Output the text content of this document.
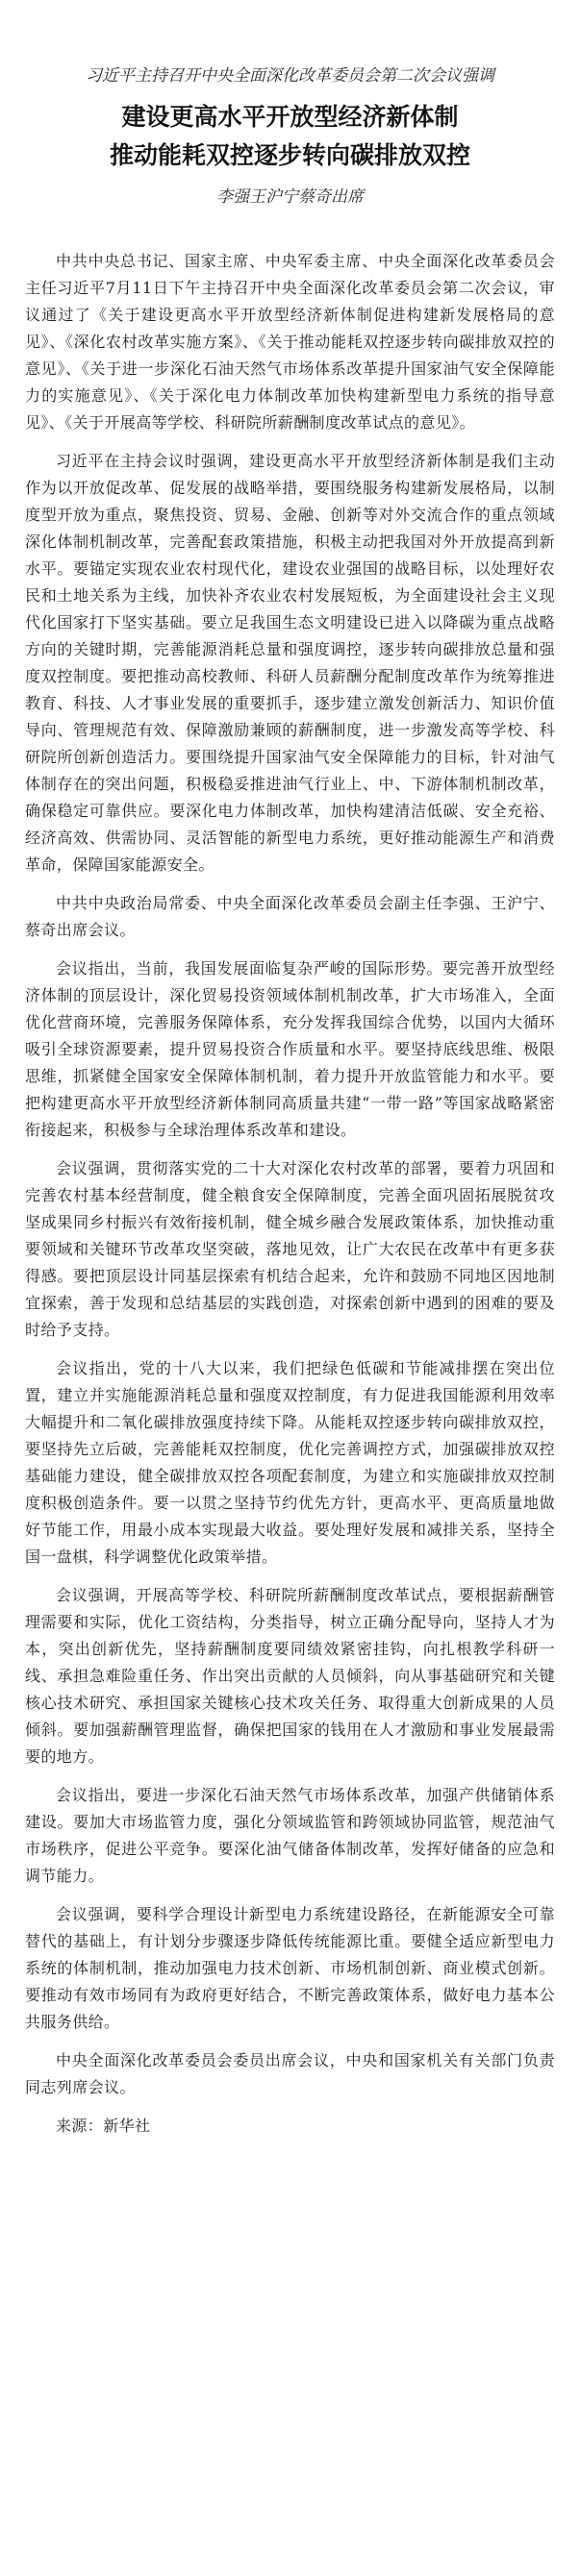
习近平主持召开中央全面深化改革委员会第二次会议强调
建设更高水平开放型经济新体制
推动能耗双控逐步转向碳排放双控
李强王沪宁蔡奇出席

中共中央总书记、国家主席、中央军委主席、中央全面深化改革委员会主任习近平7月11日下午主持召开中央全面深化改革委员会第二次会议，审议通过了《关于建设更高水平开放型经济新体制促进构建新发展格局的意见》、《深化农村改革实施方案》、《关于推动能耗双控逐步转向碳排放双控的意见》、《关于进一步深化石油天然气市场体系改革提升国家油气安全保障能力的实施意见》、《关于深化电力体制改革加快构建新型电力系统的指导意见》、《关于开展高等学校、科研院所薪酬制度改革试点的意见》。

习近平在主持会议时强调，建设更高水平开放型经济新体制是我们主动作为以开放促改革、促发展的战略举措，要围绕服务构建新发展格局，以制度型开放为重点，聚焦投资、贸易、金融、创新等对外交流合作的重点领域深化体制机制改革，完善配套政策措施，积极主动把我国对外开放提高到新水平。要锚定实现农业农村现代化，建设农业强国的战略目标，以处理好农民和土地关系为主线，加快补齐农业农村发展短板，为全面建设社会主义现代化国家打下坚实基础。要立足我国生态文明建设已进入以降碳为重点战略方向的关键时期，完善能源消耗总量和强度调控，逐步转向碳排放总量和强度双控制度。要把推动高校教师、科研人员薪酬分配制度改革作为统筹推进教育、科技、人才事业发展的重要抓手，逐步建立激发创新活力、知识价值导向、管理规范有效、保障激励兼顾的薪酬制度，进一步激发高等学校、科研院所创新创造活力。要围绕提升国家油气安全保障能力的目标，针对油气体制存在的突出问题，积极稳妥推进油气行业上、中、下游体制机制改革，确保稳定可靠供应。要深化电力体制改革，加快构建清洁低碳、安全充裕、经济高效、供需协同、灵活智能的新型电力系统，更好推动能源生产和消费革命，保障国家能源安全。

中共中央政治局常委、中央全面深化改革委员会副主任李强、王沪宁、蔡奇出席会议。

会议指出，当前，我国发展面临复杂严峻的国际形势。要完善开放型经济体制的顶层设计，深化贸易投资领域体制机制改革，扩大市场准入，全面优化营商环境，完善服务保障体系，充分发挥我国综合优势，以国内大循环吸引全球资源要素，提升贸易投资合作质量和水平。要坚持底线思维、极限思维，抓紧健全国家安全保障体制机制，着力提升开放监管能力和水平。要把构建更高水平开放型经济新体制同高质量共建“一带一路”等国家战略紧密衔接起来，积极参与全球治理体系改革和建设。

会议强调，贯彻落实党的二十大对深化农村改革的部署，要着力巩固和完善农村基本经营制度，健全粮食安全保障制度，完善全面巩固拓展脱贫攻坚成果同乡村振兴有效衔接机制，健全城乡融合发展政策体系，加快推动重要领域和关键环节改革攻坚突破，落地见效，让广大农民在改革中有更多获得感。要把顶层设计同基层探索有机结合起来，允许和鼓励不同地区因地制宜探索，善于发现和总结基层的实践创造，对探索创新中遇到的困难的要及时给予支持。

会议指出，党的十八大以来，我们把绿色低碳和节能减排摆在突出位置，建立并实施能源消耗总量和强度双控制度，有力促进我国能源利用效率大幅提升和二氧化碳排放强度持续下降。从能耗双控逐步转向碳排放双控，要坚持先立后破，完善能耗双控制度，优化完善调控方式，加强碳排放双控基础能力建设，健全碳排放双控各项配套制度，为建立和实施碳排放双控制度积极创造条件。要一以贯之坚持节约优先方针，更高水平、更高质量地做好节能工作，用最小成本实现最大收益。要处理好发展和减排关系，坚持全国一盘棋，科学调整优化政策举措。

会议强调，开展高等学校、科研院所薪酬制度改革试点，要根据薪酬管理需要和实际，优化工资结构，分类指导，树立正确分配导向，坚持人才为本，突出创新优先，坚持薪酬制度要同绩效紧密挂钩，向扎根教学科研一线、承担急难险重任务、作出突出贡献的人员倾斜，向从事基础研究和关键核心技术研究、承担国家关键核心技术攻关任务、取得重大创新成果的人员倾斜。要加强薪酬管理监督，确保把国家的钱用在人才激励和事业发展最需要的地方。

会议指出，要进一步深化石油天然气市场体系改革，加强产供储销体系建设。要加大市场监管力度，强化分领域监管和跨领域协同监管，规范油气市场秩序，促进公平竞争。要深化油气储备体制改革，发挥好储备的应急和调节能力。

会议强调，要科学合理设计新型电力系统建设路径，在新能源安全可靠替代的基础上，有计划分步骤逐步降低传统能源比重。要健全适应新型电力系统的体制机制，推动加强电力技术创新、市场机制创新、商业模式创新。要推动有效市场同有为政府更好结合，不断完善政策体系，做好电力基本公共服务供给。

中央全面深化改革委员会委员出席会议，中央和国家机关有关部门负责同志列席会议。

来源：新华社
